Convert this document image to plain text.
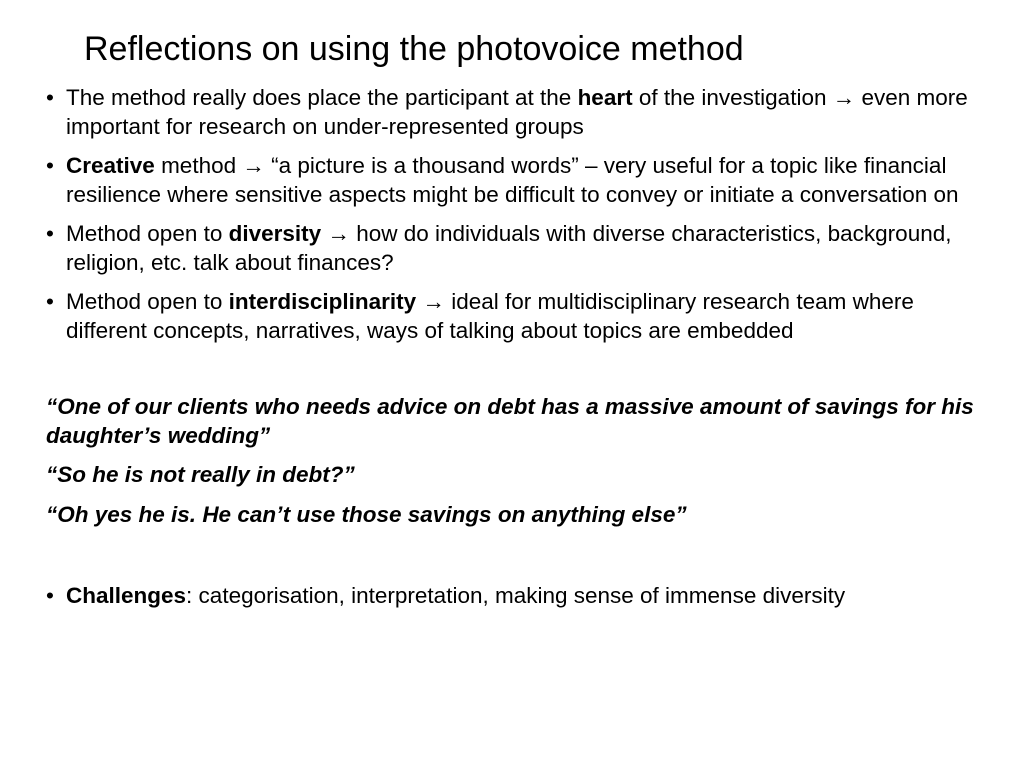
Reflections on using the photovoice method
• The method really does place the participant at the heart of the investigation → even more important for research on under-represented groups
• Creative method → “a picture is a thousand words” – very useful for a topic like financial resilience where sensitive aspects might be difficult to convey or initiate a conversation on
• Method open to diversity → how do individuals with diverse characteristics, background, religion, etc. talk about finances?
• Method open to interdisciplinarity → ideal for multidisciplinary research team where different concepts, narratives, ways of talking about topics are embedded

“One of our clients who needs advice on debt has a massive amount of savings for his daughter’s wedding”

“So he is not really in debt?”

“Oh yes he is. He can’t use those savings on anything else”

• Challenges: categorisation, interpretation, making sense of immense diversity
